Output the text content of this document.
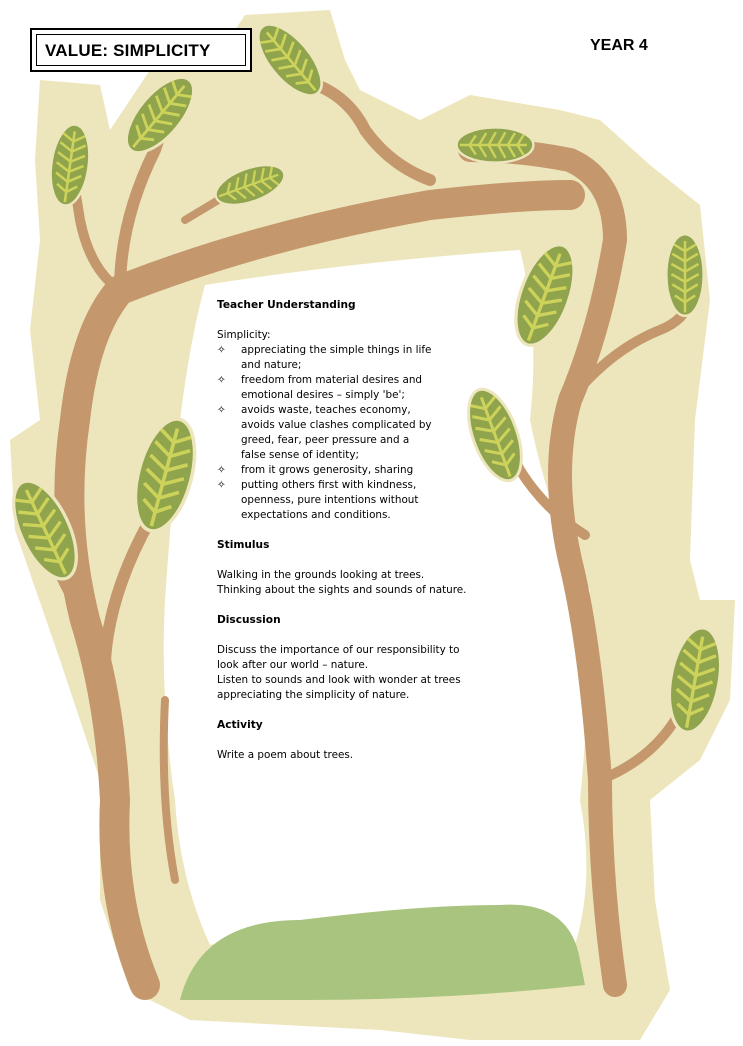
VALUE: SIMPLICITY	YEAR 4
Teacher Understanding

Simplicity:

✧ appreciating the simple things in life
and nature;
✧ freedom from material desires and
emotional desires – simply 'be';
✧ avoids waste, teaches economy,
avoids value clashes complicated by
greed, fear, peer pressure and a
false sense of identity;
✧ from it grows generosity, sharing
✧ putting others first with kindness,
openness, pure intentions without
expectations and conditions.
Stimulus

Walking in the grounds looking at trees.

Thinking about the sights and sounds of nature.

Discussion

Discuss the importance of our responsibility to

look after our world – nature.

Listen to sounds and look with wonder at trees

appreciating the simplicity of nature.

Activity

Write a poem about trees.
